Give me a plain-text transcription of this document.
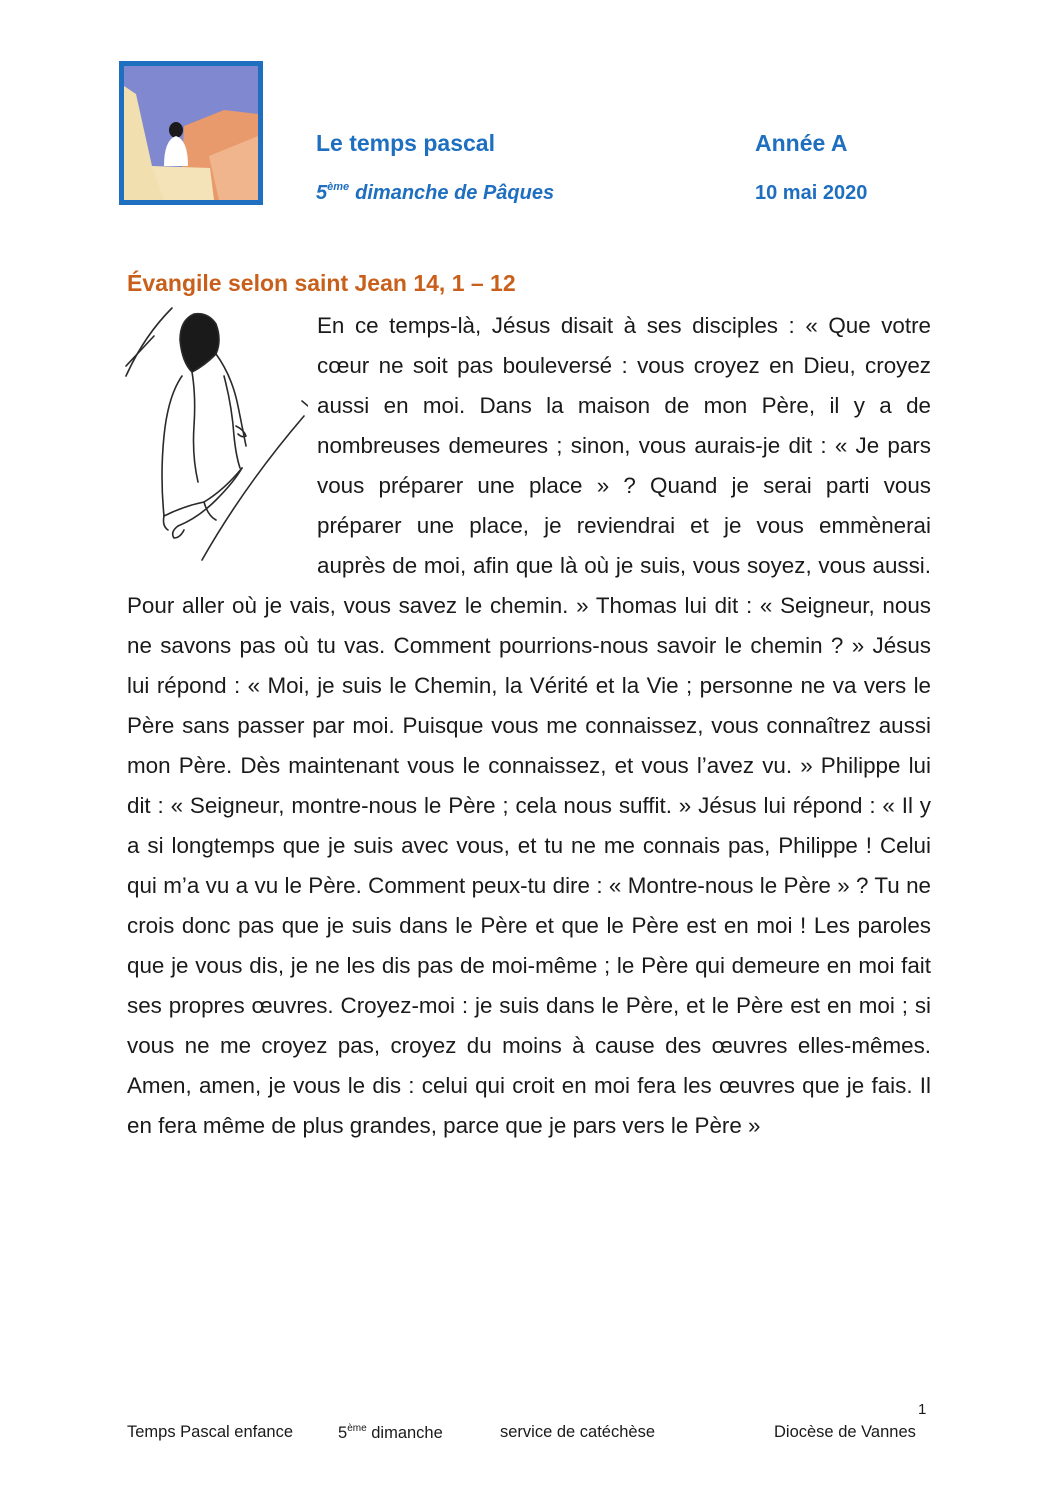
Le temps pascal	Année A
5ème dimanche de Pâques	10 mai 2020
Évangile selon saint Jean 14, 1 – 12

En ce temps-là, Jésus disait à ses disciples : « Que votre cœur ne soit pas bouleversé : vous croyez en Dieu, croyez aussi en moi. Dans la maison de mon Père, il y a de nombreuses demeures ; sinon, vous aurais-je dit : « Je pars vous préparer une place » ? Quand je serai parti vous préparer une place, je reviendrai et je vous emmènerai auprès de moi, afin que là où je suis, vous soyez, vous aussi. Pour aller où je vais, vous savez le chemin. » Thomas lui dit : « Seigneur, nous ne savons pas où tu vas. Comment pourrions-nous savoir le chemin ? » Jésus lui répond : « Moi, je suis le Chemin, la Vérité et la Vie ; personne ne va vers le Père sans passer par moi. Puisque vous me connaissez, vous connaîtrez aussi mon Père. Dès maintenant vous le connaissez, et vous l’avez vu. » Philippe lui dit : « Seigneur, montre-nous le Père ; cela nous suffit. » Jésus lui répond : « Il y a si longtemps que je suis avec vous, et tu ne me connais pas, Philippe ! Celui qui m’a vu a vu le Père. Comment peux-tu dire : « Montre-nous le Père » ? Tu ne crois donc pas que je suis dans le Père et que le Père est en moi ! Les paroles que je vous dis, je ne les dis pas de moi-même ; le Père qui demeure en moi fait ses propres œuvres. Croyez-moi : je suis dans le Père, et le Père est en moi ; si vous ne me croyez pas, croyez du moins à cause des œuvres elles-mêmes. Amen, amen, je vous le dis : celui qui croit en moi fera les œuvres que je fais. Il en fera même de plus grandes, parce que je pars vers le Père »

1
Temps Pascal enfance	5ème dimanche	service de catéchèse	Diocèse de Vannes
